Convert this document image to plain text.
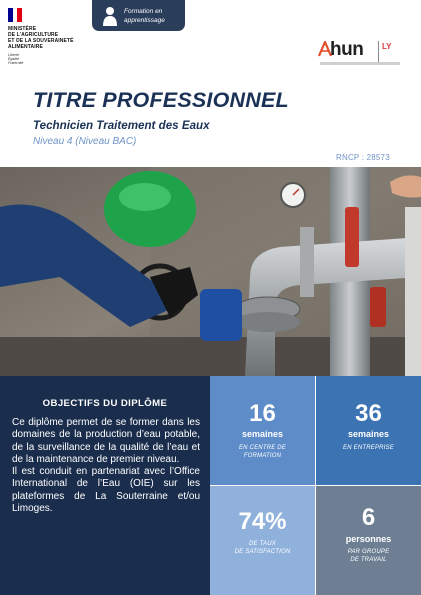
MINISTÈRE
DE L'AGRICULTURE
ET DE LA SOUVERAINETÉ
ALIMENTAIRE
Liberté
Égalité
Fraternité
Formation en
apprentissage
hun LY
TITRE PROFESSIONNEL
Technicien Traitement des Eaux
Niveau 4 (Niveau BAC)
RNCP : 28573
OBJECTIFS DU DIPLÔME

Ce diplôme permet de se former dans les domaines de la production d’eau potable, de la surveillance de la qualité de l’eau et de la maintenance de premier niveau.

Il est conduit en partenariat avec l’Office International de l’Eau (OIE) sur les plateformes de La Souterraine et/ou Limoges.

16
semaines
EN CENTRE DE
FORMATION
36
semaines
EN ENTREPRISE
74%
DE TAUX
DE SATISFACTION
6
personnes
PAR GROUPE
DE TRAVAIL
